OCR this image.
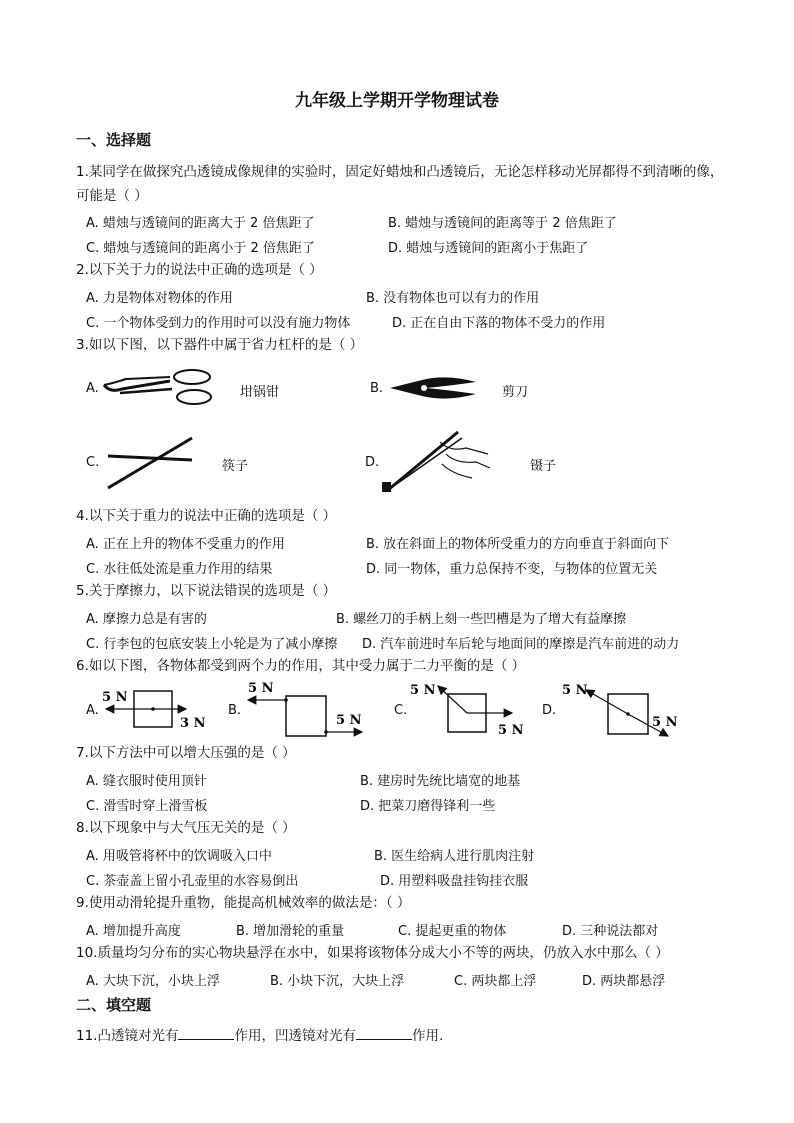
九年级上学期开学物理试卷
一、选择题
1.某同学在做探究凸透镜成像规律的实验时，固定好蜡烛和凸透镜后，无论怎样移动光屏都得不到清晰的像，可能是（ ）
A. 蜡烛与透镜间的距离大于 2 倍焦距了	B. 蜡烛与透镜间的距离等于 2 倍焦距了
C. 蜡烛与透镜间的距离小于 2 倍焦距了	D. 蜡烛与透镜间的距离小于焦距了
2.以下关于力的说法中正确的选项是（ ）
A. 力是物体对物体的作用	B. 没有物体也可以有力的作用
C. 一个物体受到力的作用时可以没有施力物体	D. 正在自由下落的物体不受力的作用
3.如以下图，以下器件中属于省力杠杆的是（ ）
A.	坩锅钳	B.	剪刀
C.	筷子	D.	镊子
4.以下关于重力的说法中正确的选项是（ ）
A. 正在上升的物体不受重力的作用	B. 放在斜面上的物体所受重力的方向垂直于斜面向下
C. 水往低处流是重力作用的结果	D. 同一物体，重力总保持不变，与物体的位置无关
5.关于摩擦力，以下说法错误的选项是（ ）
A. 摩擦力总是有害的	B. 螺丝刀的手柄上刻一些凹槽是为了增大有益摩擦
C. 行李包的包底安装上小轮是为了减小摩擦 D. 汽车前进时车后轮与地面间的摩擦是汽车前进的动力
6.如以下图，各物体都受到两个力的作用，其中受力属于二力平衡的是（ ）
A.
5 N
3 N
B.
5 N
5 N
C.
5 N
5 N
D.
5 N
5 N
7.以下方法中可以增大压强的是（ ）
A. 缝衣服时使用顶针	B. 建房时先统比墙宽的地基
C. 滑雪时穿上滑雪板	D. 把菜刀磨得锋利一些
8.以下现象中与大气压无关的是（ ）
A. 用吸管将杯中的饮调吸入口中	B. 医生给病人进行肌肉注射
C. 茶壶盖上留小孔壶里的水容易倒出	D. 用塑料吸盘挂钩挂衣服
9.使用动滑轮提升重物，能提高机械效率的做法是：（ ）
A. 增加提升高度	B. 增加滑轮的重量	C. 提起更重的物体	D. 三种说法都对
10.质量均匀分布的实心物块悬浮在水中，如果将该物体分成大小不等的两块，仍放入水中那么（ ）
A. 大块下沉，小块上浮	B. 小块下沉，大块上浮	C. 两块都上浮	D. 两块都悬浮
二、填空题
11.凸透镜对光有	作用，凹透镜对光有	作用.
